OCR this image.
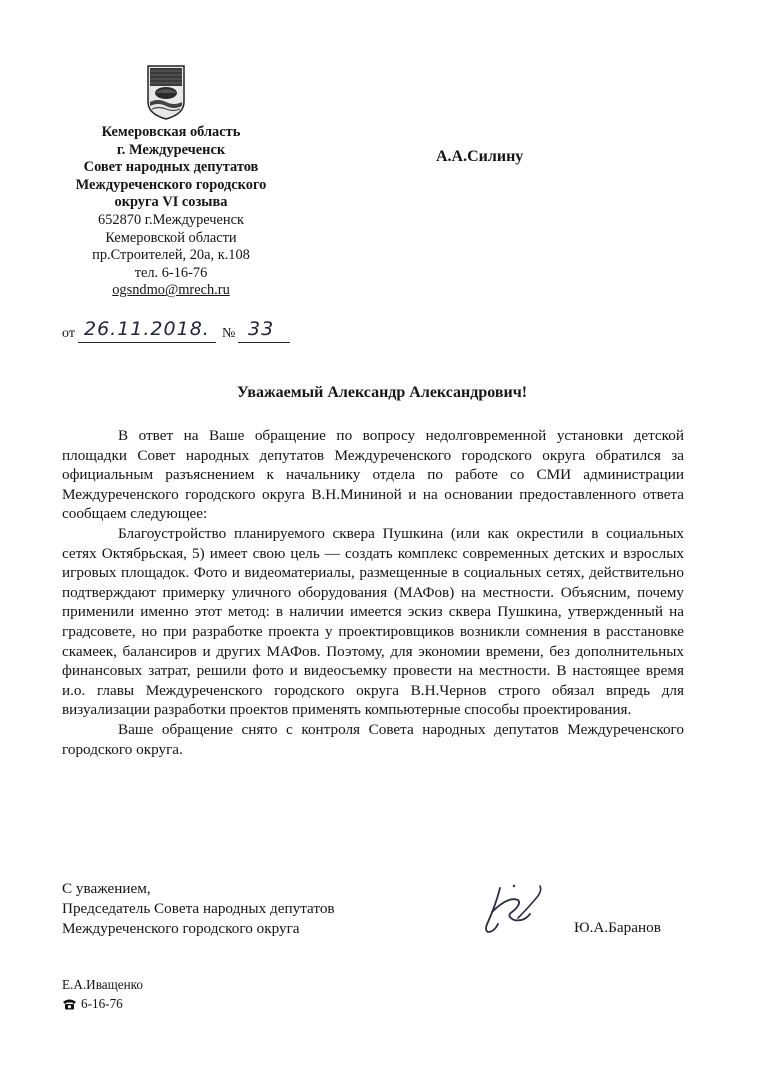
Кемеровская область
г. Междуреченск
Совет народных депутатов
Междуреченского городского
округа VI созыва
652870 г.Междуреченск
Кемеровской области
пр.Строителей, 20а, к.108
тел. 6-16-76
ogsndmo@mrech.ru
А.А.Силину
от 26.11.2018. № 33
Уважаемый Александр Александрович!

В ответ на Ваше обращение по вопросу недолговременной установки детской площадки Совет народных депутатов Междуреченского городского округа обратился за официальным разъяснением к начальнику отдела по работе со СМИ администрации Междуреченского городского округа В.Н.Мининой и на основании предоставленного ответа сообщаем следующее:

Благоустройство планируемого сквера Пушкина (или как окрестили в социальных сетях Октябрьская, 5) имеет свою цель — создать комплекс современных детских и взрослых игровых площадок. Фото и видеоматериалы, размещенные в социальных сетях, действительно подтверждают примерку уличного оборудования (МАФов) на местности. Объясним, почему применили именно этот метод: в наличии имеется эскиз сквера Пушкина, утвержденный на градсовете, но при разработке проекта у проектировщиков возникли сомнения в расстановке скамеек, балансиров и других МАФов. Поэтому, для экономии времени, без дополнительных финансовых затрат, решили фото и видеосъемку провести на местности. В настоящее время и.о. главы Междуреченского городского округа В.Н.Чернов строго обязал впредь для визуализации разработки проектов применять компьютерные способы проектирования.

Ваше обращение снято с контроля Совета народных депутатов Междуреченского городского округа.

С уважением,
Председатель Совета народных депутатов
Междуреченского городского округа	Ю.А.Баранов
Е.А.Иващенко
6-16-76
